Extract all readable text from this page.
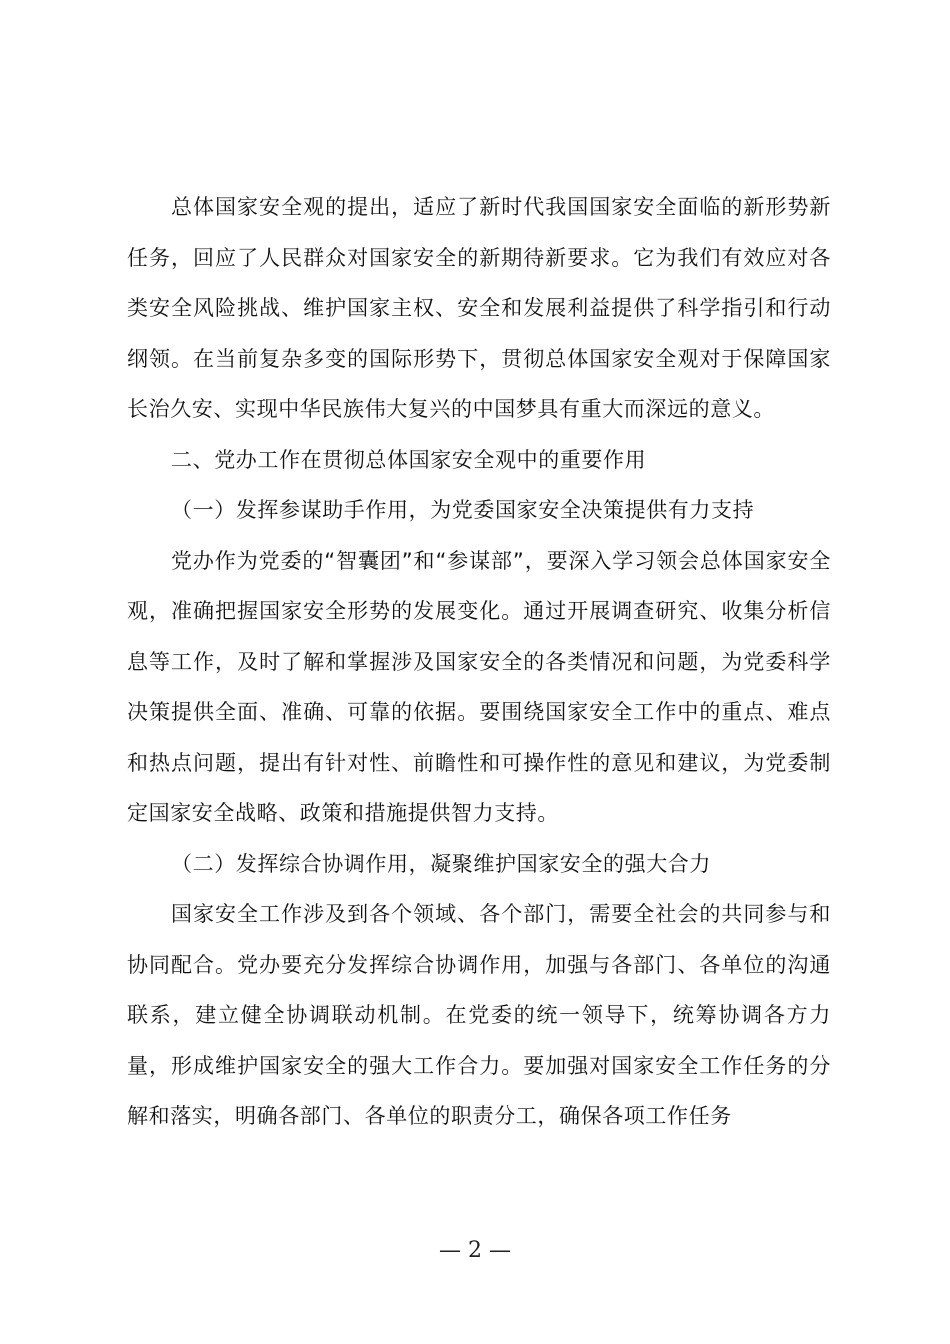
总体国家安全观的提出，适应了新时代我国国家安全面临的新形势新任务，回应了人民群众对国家安全的新期待新要求。它为我们有效应对各类安全风险挑战、维护国家主权、安全和发展利益提供了科学指引和行动纲领。在当前复杂多变的国际形势下，贯彻总体国家安全观对于保障国家长治久安、实现中华民族伟大复兴的中国梦具有重大而深远的意义。

二、党办工作在贯彻总体国家安全观中的重要作用

（一）发挥参谋助手作用，为党委国家安全决策提供有力支持

党办作为党委的“智囊团”和“参谋部”，要深入学习领会总体国家安全观，准确把握国家安全形势的发展变化。通过开展调查研究、收集分析信息等工作，及时了解和掌握涉及国家安全的各类情况和问题，为党委科学决策提供全面、准确、可靠的依据。要围绕国家安全工作中的重点、难点和热点问题，提出有针对性、前瞻性和可操作性的意见和建议，为党委制定国家安全战略、政策和措施提供智力支持。

（二）发挥综合协调作用，凝聚维护国家安全的强大合力

国家安全工作涉及到各个领域、各个部门，需要全社会的共同参与和协同配合。党办要充分发挥综合协调作用，加强与各部门、各单位的沟通联系，建立健全协调联动机制。在党委的统一领导下，统筹协调各方力量，形成维护国家安全的强大工作合力。要加强对国家安全工作任务的分解和落实，明确各部门、各单位的职责分工，确保各项工作任务

— 2 —
